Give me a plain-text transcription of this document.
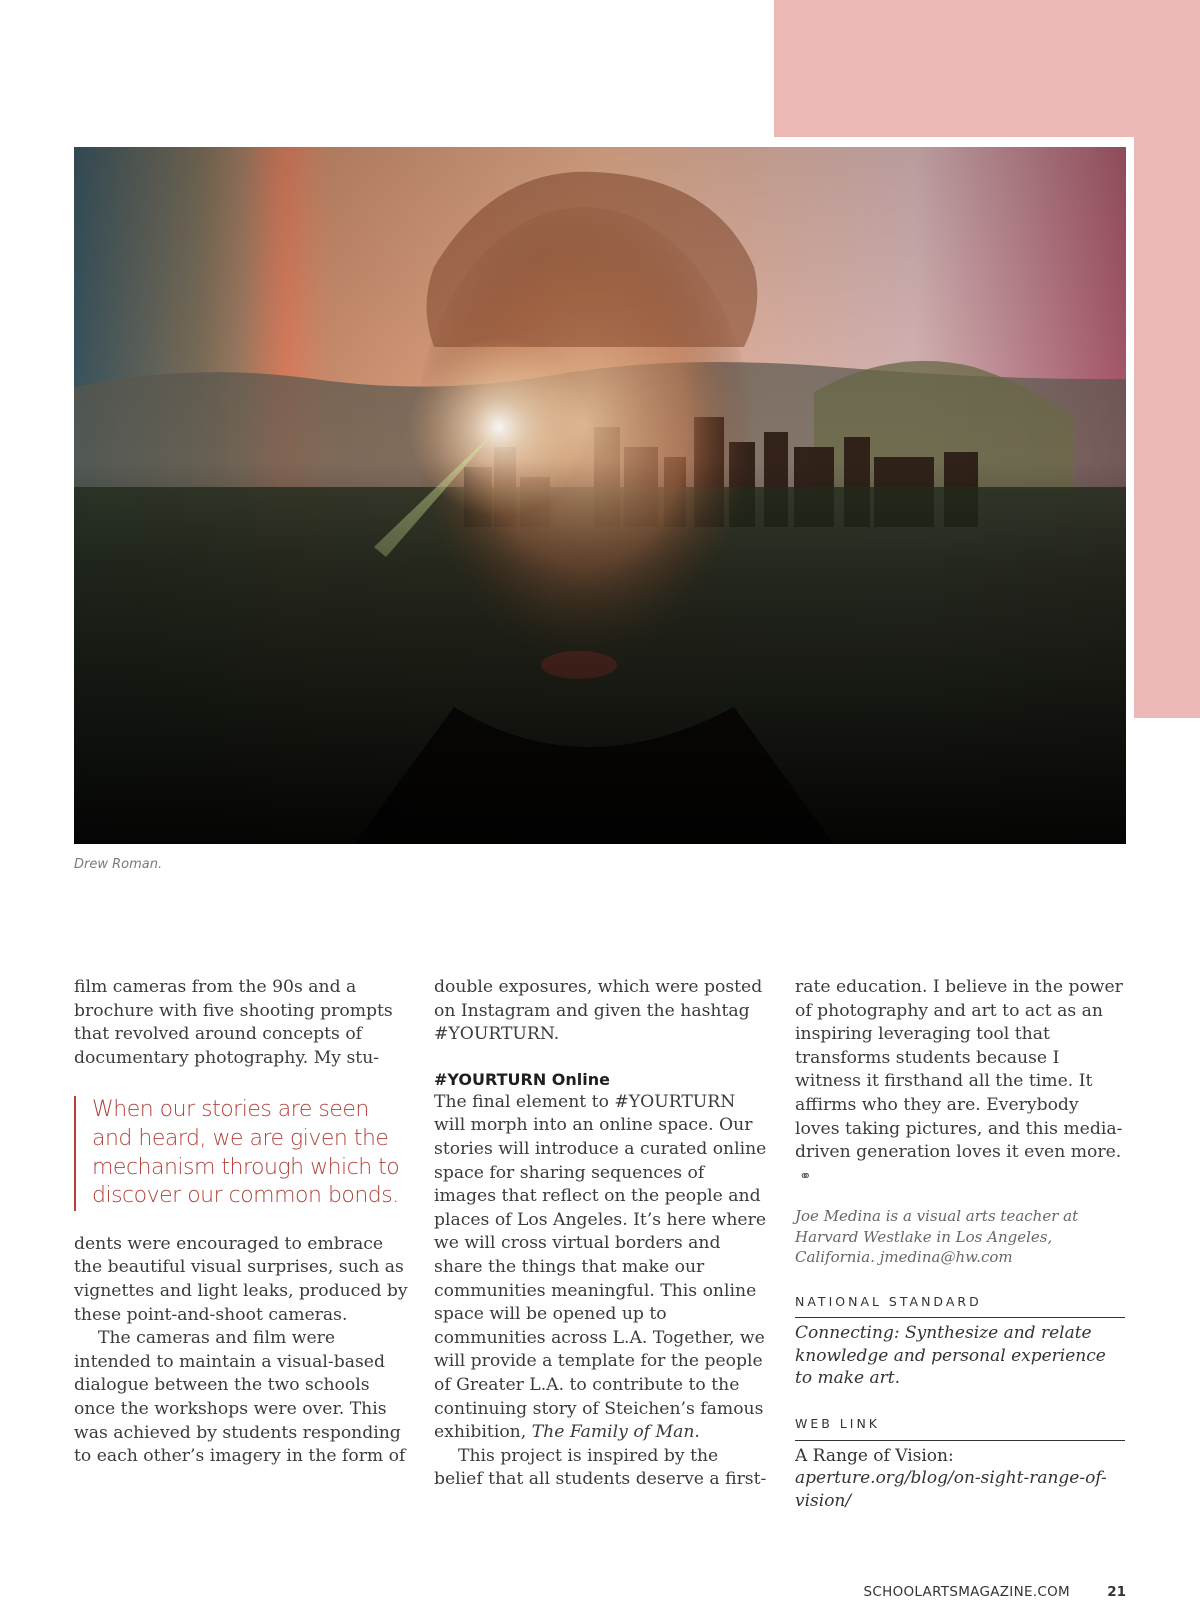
Drew Roman.

film cameras from the 90s and a brochure with five shooting prompts that revolved around concepts of documentary photography. My stu-

When our stories are seen and heard, we are given the mechanism through which to discover our common bonds.

dents were encouraged to embrace the beautiful visual surprises, such as vignettes and light leaks, produced by these point-and-shoot cameras.

The cameras and film were intended to maintain a visual-based dialogue between the two schools once the workshops were over. This was achieved by students responding to each other’s imagery in the form of

double exposures, which were posted on Instagram and given the hashtag #YOURTURN.

#YOURTURN Online

The final element to #YOURTURN will morph into an online space. Our stories will introduce a curated online space for sharing sequences of images that reflect on the people and places of Los Angeles. It’s here where we will cross virtual borders and share the things that make our communities meaningful. This online space will be opened up to communities across L.A. Together, we will provide a template for the people of Greater L.A. to contribute to the continuing story of Steichen’s famous exhibition, The Family of Man.

This project is inspired by the belief that all students deserve a first-

rate education. I believe in the power of photography and art to act as an inspiring leveraging tool that transforms students because I witness it firsthand all the time. It affirms who they are. Everybody loves taking pictures, and this media-driven generation loves it even more.⚭

Joe Medina is a visual arts teacher at Harvard Westlake in Los Angeles, California. jmedina@hw.com

NATIONAL STANDARD

Connecting: Synthesize and relate knowledge and personal experience to make art.

WEB LINK

A Range of Vision: aperture.org/blog/on-sight-range-of-vision/

SCHOOLARTSMAGAZINE.COM	21
